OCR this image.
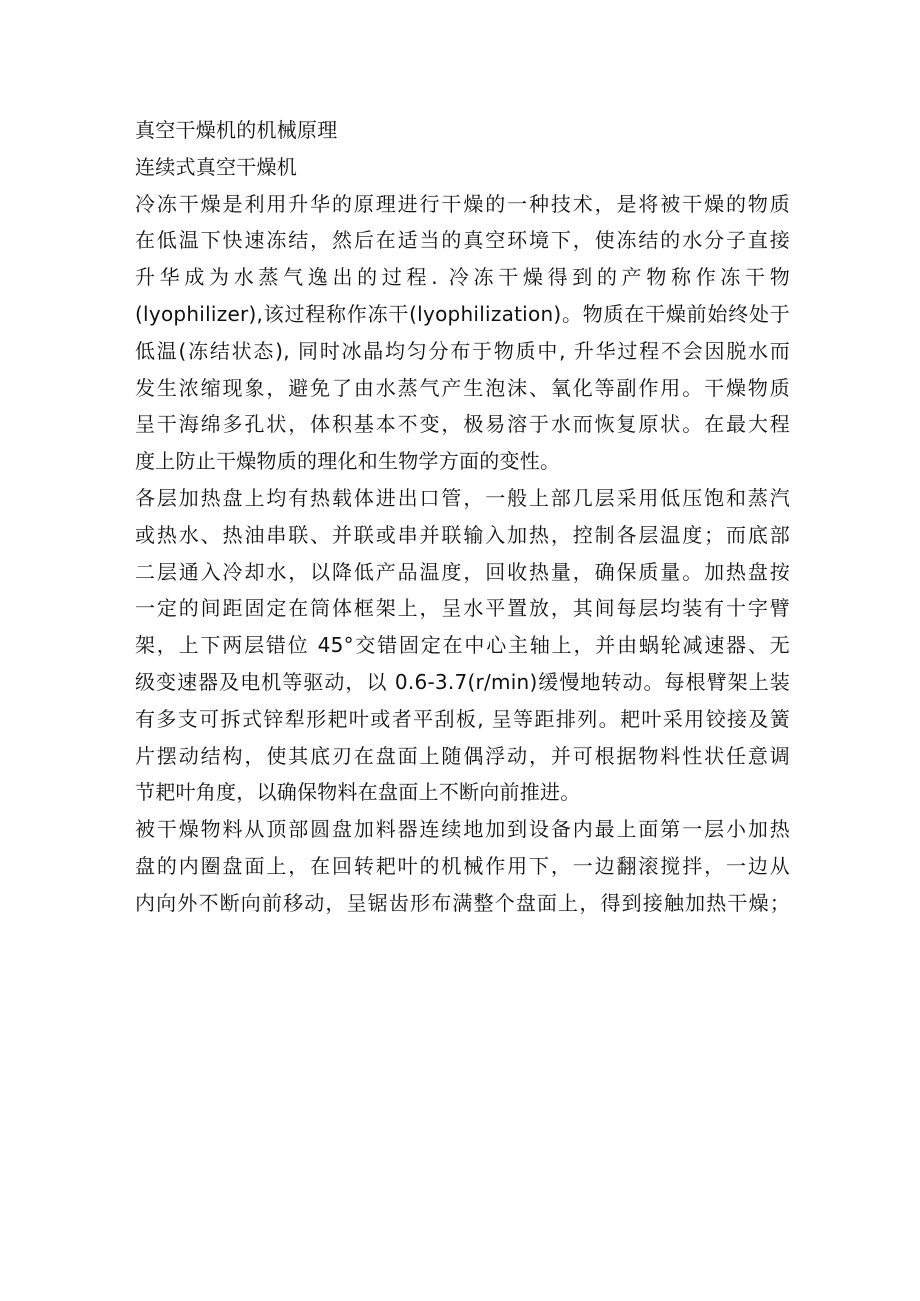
真空干燥机的机械原理
连续式真空干燥机
冷冻干燥是利用升华的原理进行干燥的一种技术，是将被干燥的物质
在低温下快速冻结，然后在适当的真空环境下，使冻结的水分子直接
升华成为水蒸气逸出的过程. 冷冻干燥得到的产物称作冻干物
(lyophilizer),该过程称作冻干(lyophilization)。物质在干燥前始终处于
低温(冻结状态), 同时冰晶均匀分布于物质中, 升华过程不会因脱水而
发生浓缩现象，避免了由水蒸气产生泡沫、氧化等副作用。干燥物质
呈干海绵多孔状，体积基本不变，极易溶于水而恢复原状。在最大程
度上防止干燥物质的理化和生物学方面的变性。
各层加热盘上均有热载体进出口管，一般上部几层采用低压饱和蒸汽
或热水、热油串联、并联或串并联输入加热，控制各层温度；而底部
二层通入冷却水，以降低产品温度，回收热量，确保质量。加热盘按
一定的间距固定在筒体框架上，呈水平置放，其间每层均装有十字臂
架，上下两层错位 45°交错固定在中心主轴上，并由蜗轮减速器、无
级变速器及电机等驱动，以 0.6-3.7(r/min)缓慢地转动。每根臂架上装
有多支可拆式锌犁形耙叶或者平刮板, 呈等距排列。耙叶采用铰接及簧
片摆动结构，使其底刃在盘面上随偶浮动，并可根据物料性状任意调
节耙叶角度，以确保物料在盘面上不断向前推进。
被干燥物料从顶部圆盘加料器连续地加到设备内最上面第一层小加热
盘的内圈盘面上，在回转耙叶的机械作用下，一边翻滚搅拌，一边从
内向外不断向前移动，呈锯齿形布满整个盘面上，得到接触加热干燥；
